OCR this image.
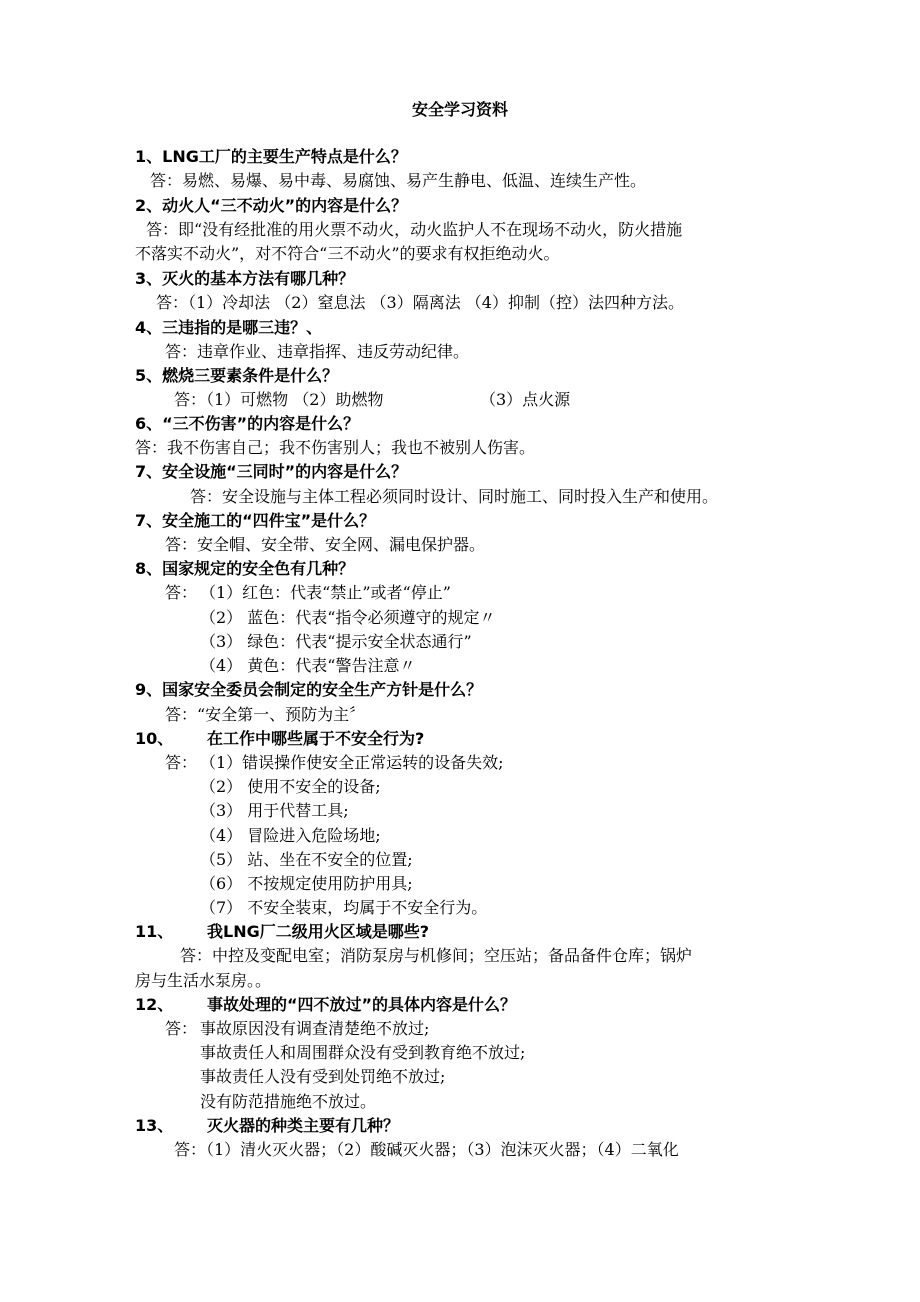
安全学习资料
1、LNG工厂的主要生产特点是什么？
答：易燃、易爆、易中毒、易腐蚀、易产生静电、低温、连续生产性。
2、动火人“三不动火”的内容是什么？
答：即“没有经批准的用火票不动火，动火监护人不在现场不动火，防火措施
不落实不动火”，对不符合“三不动火”的要求有权拒绝动火。
3、灭火的基本方法有哪几种？
答：（1）冷却法 （2）窒息法 （3）隔离法 （4）抑制（控）法四种方法。
4、三违指的是哪三违？、
答：违章作业、违章指挥、违反劳动纪律。
5、燃烧三要素条件是什么？
答：（1）可燃物 （2）助燃物	（3）点火源
6、“三不伤害”的内容是什么？
答：我不伤害自己；我不伤害别人；我也不被别人伤害。
7、安全设施“三同时”的内容是什么？
答：安全设施与主体工程必须同时设计、同时施工、同时投入生产和使用。
7、安全施工的“四件宝”是什么？
答：安全帽、安全带、安全网、漏电保护器。
8、国家规定的安全色有几种？
答： （1）红色：代表“禁止”或者“停止”
（2） 蓝色：代表“指令必须遵守的规定〃
（3） 绿色：代表“提示安全状态通行”
（4） 黄色：代表“警告注意〃
9、国家安全委员会制定的安全生产方针是什么？
答：“安全第一、预防为主〞
10、 在工作中哪些属于不安全行为?
答： （1）错误操作使安全正常运转的设备失效;
（2） 使用不安全的设备;
（3） 用于代替工具;
（4） 冒险进入危险场地;
（5） 站、坐在不安全的位置;
（6） 不按规定使用防护用具;
（7） 不安全装束，均属于不安全行为。
11、 我LNG厂二级用火区域是哪些?
答：中控及变配电室；消防泵房与机修间；空压站；备品备件仓库；锅炉
房与生活水泵房。。
12、 事故处理的“四不放过”的具体内容是什么？
答： 事故原因没有调查清楚绝不放过;
事故责任人和周围群众没有受到教育绝不放过;
事故责任人没有受到处罚绝不放过;
没有防范措施绝不放过。
13、 灭火器的种类主要有几种？
答：（1）清火灭火器；（2）酸碱灭火器；（3）泡沫灭火器；（4）二氧化
